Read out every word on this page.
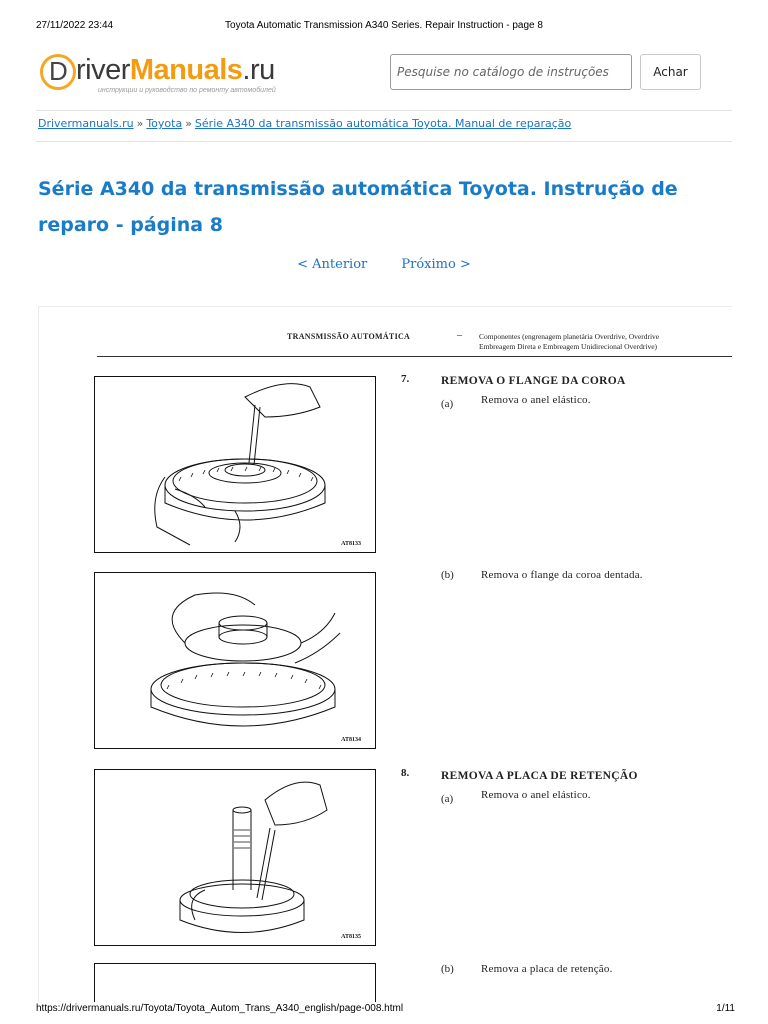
27/11/2022 23:44	Toyota Automatic Transmission A340 Series. Repair Instruction - page 8
D riverManuals.ru
инструкции и руководство по ремонту автомобилей
Pesquise no catálogo de instruções
Achar
Drivermanuals.ru » Toyota » Série A340 da transmissão automática Toyota. Manual de reparação
Série A340 da transmissão automática Toyota. Instrução de reparo - página 8
< Anterior	Próximo >
TRANSMISSÃO AUTOMÁTICA	– Componentes (engrenagem planetária Overdrive, Overdrive
Embreagem Direta e Embreagem Unidirecional Overdrive)
AT8133
AT8134
AT8135
7.	REMOVA O FLANGE DA COROA
(a)	Remova o anel elástico.
(b) Remova o flange da coroa dentada.
8.	REMOVA A PLACA DE RETENÇÃO
(a)	Remova o anel elástico.
(b) Remova a placa de retenção.
https://drivermanuals.ru/Toyota/Toyota_Autom_Trans_A340_english/page-008.html	1/11
